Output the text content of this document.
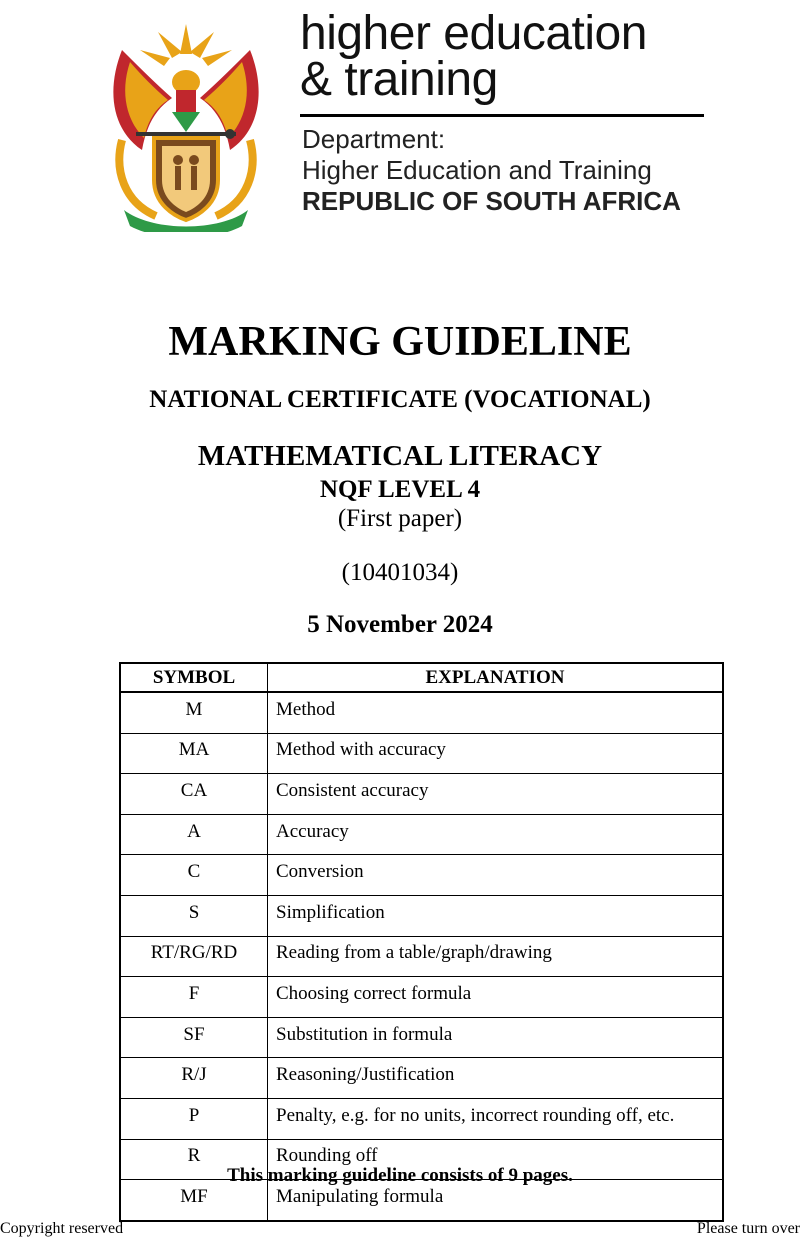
higher education
& training
Department:
Higher Education and Training
REPUBLIC OF SOUTH AFRICA
MARKING GUIDELINE
NATIONAL CERTIFICATE (VOCATIONAL)
MATHEMATICAL LITERACY
NQF LEVEL 4
(First paper)
(10401034)
5 November 2024
SYMBOL	EXPLANATION
M	Method
MA	Method with accuracy
CA	Consistent accuracy
A	Accuracy
C	Conversion
S	Simplification
RT/RG/RD	Reading from a table/graph/drawing
F	Choosing correct formula
SF	Substitution in formula
R/J	Reasoning/Justification
P	Penalty, e.g. for no units, incorrect rounding off, etc.
R	Rounding off
MF	Manipulating formula
This marking guideline consists of 9 pages.
Copyright reserved	Please turn over
